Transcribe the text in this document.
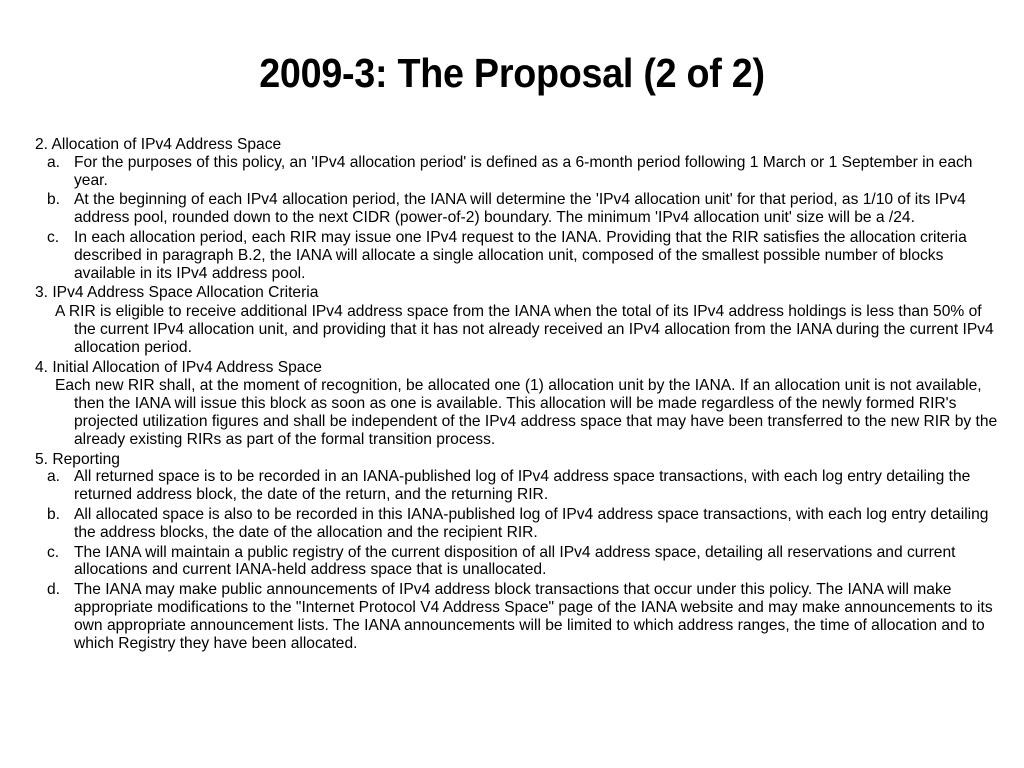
2009-3: The Proposal (2 of 2)

2. Allocation of IPv4 Address Space

a. For the purposes of this policy, an 'IPv4 allocation period' is defined as a 6-month period following 1 March or 1 September in each year.
b. At the beginning of each IPv4 allocation period, the IANA will determine the 'IPv4 allocation unit' for that period, as 1/10 of its IPv4 address pool, rounded down to the next CIDR (power-of-2) boundary. The minimum 'IPv4 allocation unit' size will be a /24.
c. In each allocation period, each RIR may issue one IPv4 request to the IANA. Providing that the RIR satisfies the allocation criteria described in paragraph B.2, the IANA will allocate a single allocation unit, composed of the smallest possible number of blocks available in its IPv4 address pool.

3. IPv4 Address Space Allocation Criteria

A RIR is eligible to receive additional IPv4 address space from the IANA when the total of its IPv4 address holdings is less than 50% of the current IPv4 allocation unit, and providing that it has not already received an IPv4 allocation from the IANA during the current IPv4 allocation period.

4. Initial Allocation of IPv4 Address Space

Each new RIR shall, at the moment of recognition, be allocated one (1) allocation unit by the IANA. If an allocation unit is not available, then the IANA will issue this block as soon as one is available. This allocation will be made regardless of the newly formed RIR's projected utilization figures and shall be independent of the IPv4 address space that may have been transferred to the new RIR by the already existing RIRs as part of the formal transition process.

5. Reporting

a. All returned space is to be recorded in an IANA-published log of IPv4 address space transactions, with each log entry detailing the returned address block, the date of the return, and the returning RIR.
b. All allocated space is also to be recorded in this IANA-published log of IPv4 address space transactions, with each log entry detailing the address blocks, the date of the allocation and the recipient RIR.
c. The IANA will maintain a public registry of the current disposition of all IPv4 address space, detailing all reservations and current allocations and current IANA-held address space that is unallocated.
d. The IANA may make public announcements of IPv4 address block transactions that occur under this policy. The IANA will make appropriate modifications to the "Internet Protocol V4 Address Space" page of the IANA website and may make announcements to its own appropriate announcement lists. The IANA announcements will be limited to which address ranges, the time of allocation and to which Registry they have been allocated.
